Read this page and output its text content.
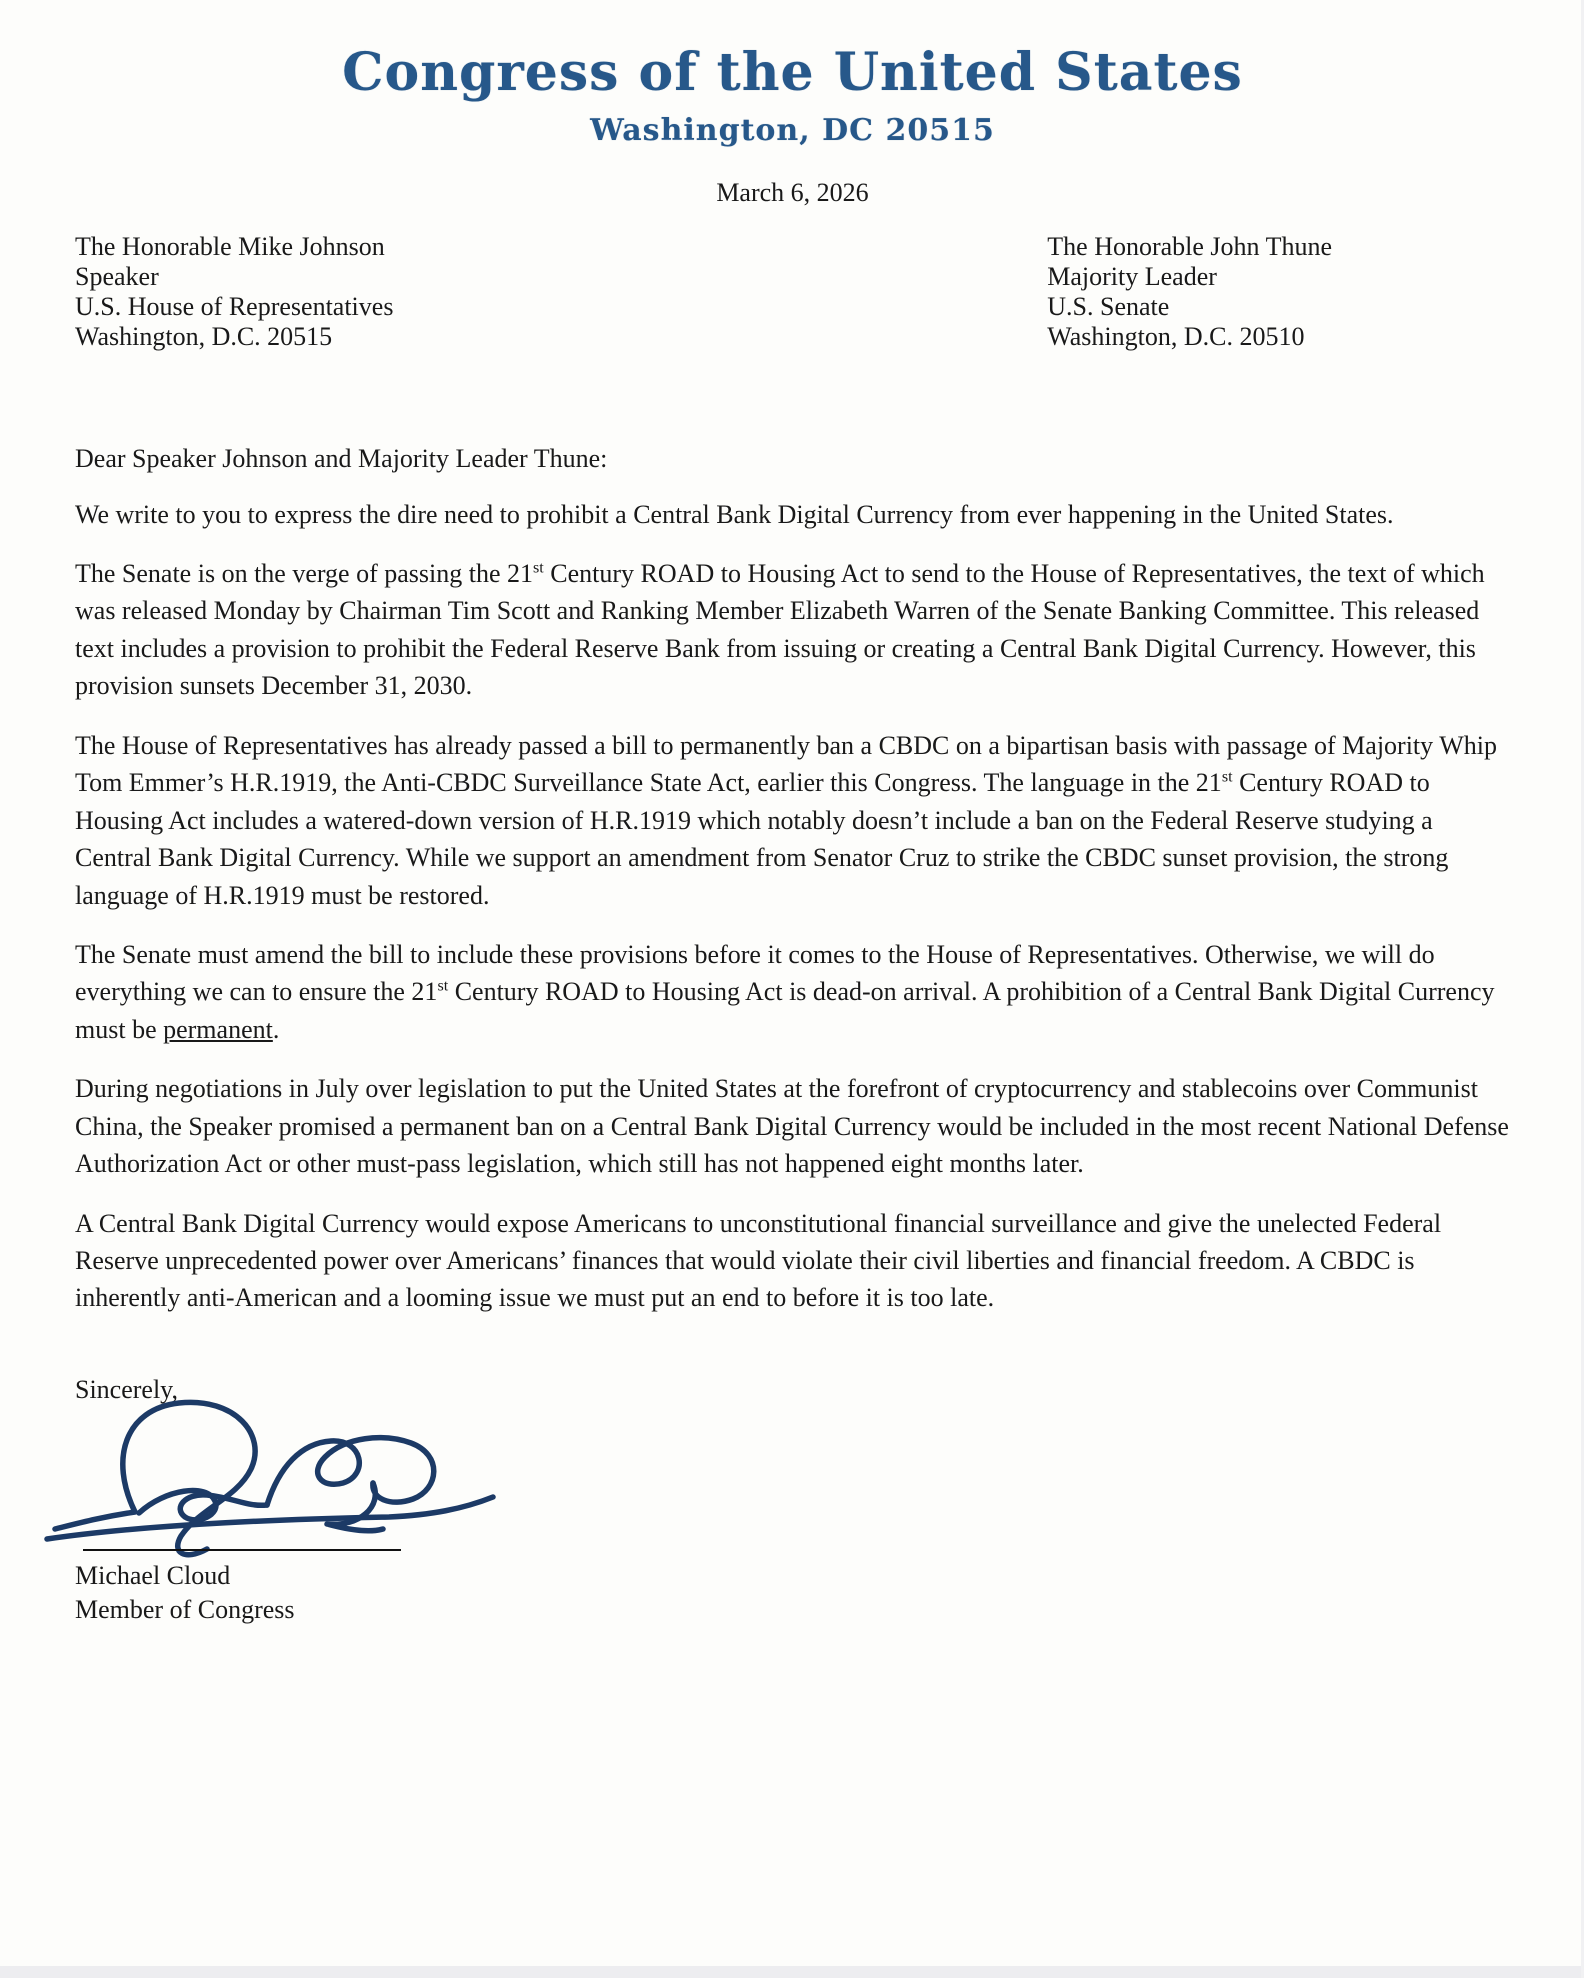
Congress of the United States
Washington, DC 20515
March 6, 2026
The Honorable Mike Johnson
Speaker
U.S. House of Representatives
Washington, D.C. 20515
The Honorable John Thune
Majority Leader
U.S. Senate
Washington, D.C. 20510
Dear Speaker Johnson and Majority Leader Thune:

We write to you to express the dire need to prohibit a Central Bank Digital Currency from ever happening in the United States.

The Senate is on the verge of passing the 21st Century ROAD to Housing Act to send to the House of Representatives, the text of which was released Monday by Chairman Tim Scott and Ranking Member Elizabeth Warren of the Senate Banking Committee. This released text includes a provision to prohibit the Federal Reserve Bank from issuing or creating a Central Bank Digital Currency. However, this provision sunsets December 31, 2030.

The House of Representatives has already passed a bill to permanently ban a CBDC on a bipartisan basis with passage of Majority Whip Tom Emmer’s H.R.1919, the Anti-CBDC Surveillance State Act, earlier this Congress. The language in the 21st Century ROAD to Housing Act includes a watered-down version of H.R.1919 which notably doesn’t include a ban on the Federal Reserve studying a Central Bank Digital Currency. While we support an amendment from Senator Cruz to strike the CBDC sunset provision, the strong language of H.R.1919 must be restored.

The Senate must amend the bill to include these provisions before it comes to the House of Representatives. Otherwise, we will do everything we can to ensure the 21st Century ROAD to Housing Act is dead-on arrival. A prohibition of a Central Bank Digital Currency must be permanent.

During negotiations in July over legislation to put the United States at the forefront of cryptocurrency and stablecoins over Communist China, the Speaker promised a permanent ban on a Central Bank Digital Currency would be included in the most recent National Defense Authorization Act or other must-pass legislation, which still has not happened eight months later.

A Central Bank Digital Currency would expose Americans to unconstitutional financial surveillance and give the unelected Federal Reserve unprecedented power over Americans’ finances that would violate their civil liberties and financial freedom. A CBDC is inherently anti-American and a looming issue we must put an end to before it is too late.

Sincerely,

Michael Cloud
Member of Congress
